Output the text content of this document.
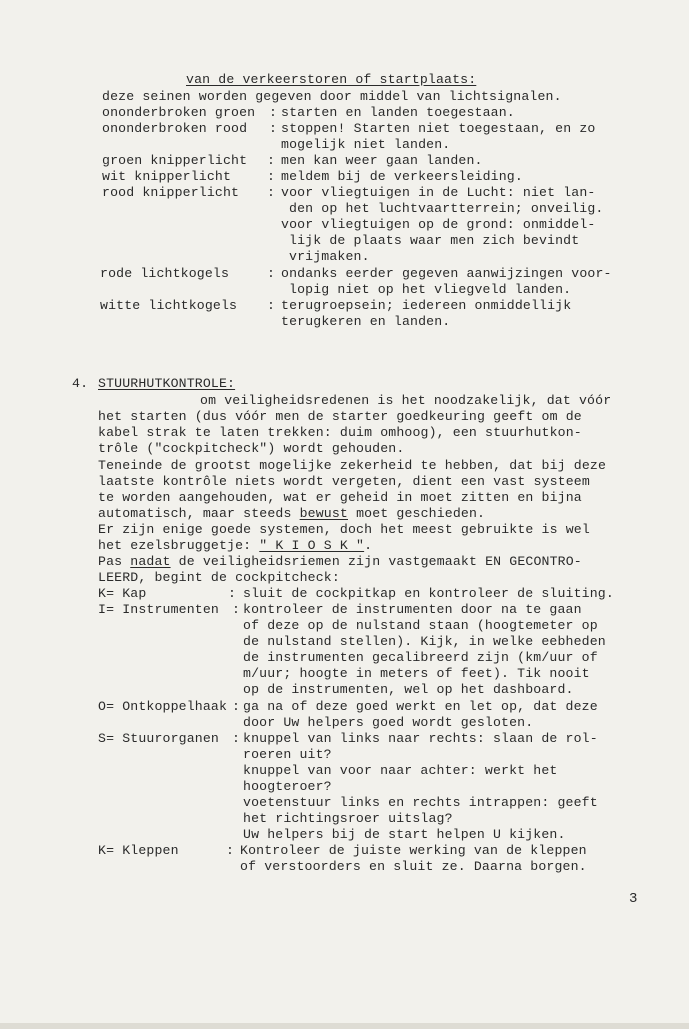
van de verkeerstoren of startplaats:
deze seinen worden gegeven door middel van lichtsignalen.
ononderbroken groen : starten en landen toegestaan.
ononderbroken rood : stoppen! Starten niet toegestaan, en zo
mogelijk niet landen.
groen knipperlicht : men kan weer gaan landen.
wit knipperlicht	: meldem bij de verkeersleiding.
rood knipperlicht : voor vliegtuigen in de Lucht: niet lan-
den op het luchtvaartterrein; onveilig.
voor vliegtuigen op de grond: onmiddel-
lijk de plaats waar men zich bevindt
vrijmaken.
rode lichtkogels	: ondanks eerder gegeven aanwijzingen voor-
lopig niet op het vliegveld landen.
witte lichtkogels : terugroepsein; iedereen onmiddellijk
terugkeren en landen.
4. STUURHUTKONTROLE:
om veiligheidsredenen is het noodzakelijk, dat vóór
het starten (dus vóór men de starter goedkeuring geeft om de
kabel strak te laten trekken: duim omhoog), een stuurhutkon-
trôle ("cockpitcheck") wordt gehouden.
Teneinde de grootst mogelijke zekerheid te hebben, dat bij deze
laatste kontrôle niets wordt vergeten, dient een vast systeem
te worden aangehouden, wat er geheid in moet zitten en bijna
automatisch, maar steeds bewust moet geschieden.
Er zijn enige goede systemen, doch het meest gebruikte is wel
het ezelsbruggetje: " K I O S K ".
Pas nadat de veiligheidsriemen zijn vastgemaakt EN GECONTRO-
LEERD, begint de cockpitcheck:
K= Kap	: sluit de cockpitkap en kontroleer de sluiting.
I= Instrumenten : kontroleer de instrumenten door na te gaan
of deze op de nulstand staan (hoogtemeter op
de nulstand stellen). Kijk, in welke eebheden
de instrumenten gecalibreerd zijn (km/uur of
m/uur; hoogte in meters of feet). Tik nooit
op de instrumenten, wel op het dashboard.
O= Ontkoppelhaak : ga na of deze goed werkt en let op, dat deze
door Uw helpers goed wordt gesloten.
S= Stuurorganen : knuppel van links naar rechts: slaan de rol-
roeren uit?
knuppel van voor naar achter: werkt het
hoogteroer?
voetenstuur links en rechts intrappen: geeft
het richtingsroer uitslag?
Uw helpers bij de start helpen U kijken.
K= Kleppen	: Kontroleer de juiste werking van de kleppen
of verstoorders en sluit ze. Daarna borgen.
3
